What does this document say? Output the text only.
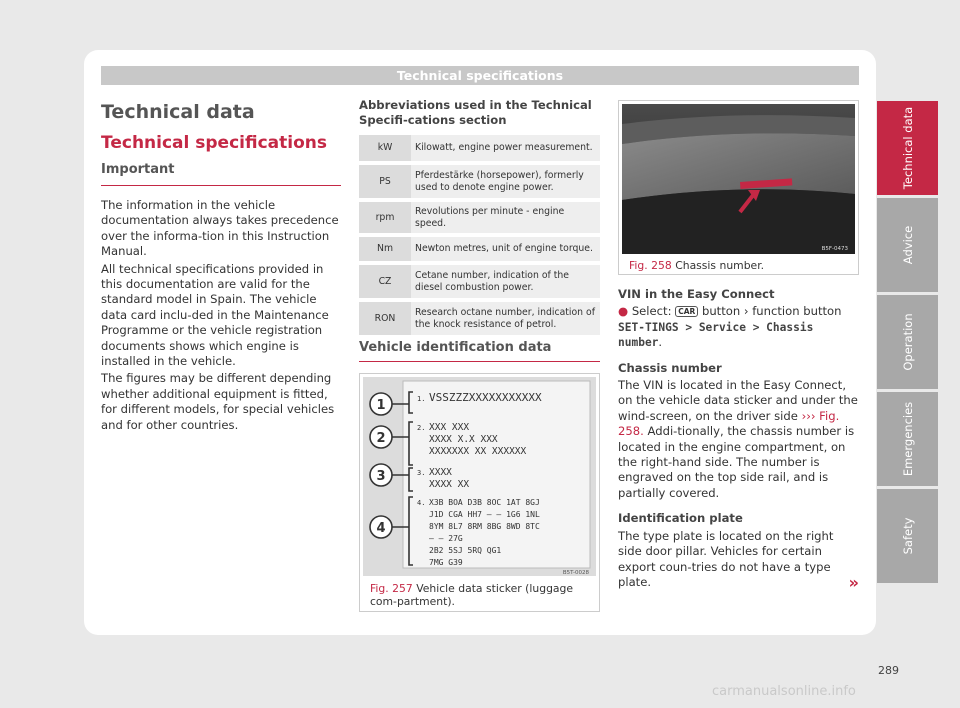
Technical specifications
Technical data
Technical specifications
Important

The information in the vehicle documentation always takes precedence over the informa-tion in this Instruction Manual.

All technical specifications provided in this documentation are valid for the standard model in Spain. The vehicle data card inclu-ded in the Maintenance Programme or the vehicle registration documents shows which engine is installed in the vehicle.

The figures may be different depending whether additional equipment is fitted, for different models, for special vehicles and for other countries.

Abbreviations used in the Technical Specifi-cations section
kW	Kilowatt, engine power measurement.
PS	Pferdestärke (horsepower), formerly used to denote engine power.
rpm	Revolutions per minute - engine speed.
Nm	Newton metres, unit of engine torque.
CZ	Cetane number, indication of the diesel combustion power.
RON	Research octane number, indication of the knock resistance of petrol.
Vehicle identification data
1
2
3
4
1. VSSZZZXXXXXXXXXXX
2. XXX XXX
XXXX X.X XXX
XXXXXXX XX XXXXXX
3. XXXX
XXXX XX
4. X3B BOA D3B 8OC 1AT 8GJ
J1D CGA HH7 – – 1G6 1NL
8YM 8L7 8RM 8BG 8WD 8TC
– – 27G
2B2 5SJ 5RQ QG1
7MG G39
B5T-0028
Fig. 257 Vehicle data sticker (luggage com-partment).
B5F-0473
Fig. 258 Chassis number.
VIN in the Easy Connect
● Select: CAR button › function button SET-TINGS > Service > Chassis number.
Chassis number
The VIN is located in the Easy Connect, on the vehicle data sticker and under the wind-screen, on the driver side ››› Fig. 258. Addi-tionally, the chassis number is located in the engine compartment, on the right-hand side. The number is engraved on the top side rail, and is partially covered.
Identification plate
The type plate is located on the right side door pillar. Vehicles for certain export coun-tries do not have a type plate.	»
Technical data
Advice
Operation
Emergencies
Safety
289
carmanualsonline.info
